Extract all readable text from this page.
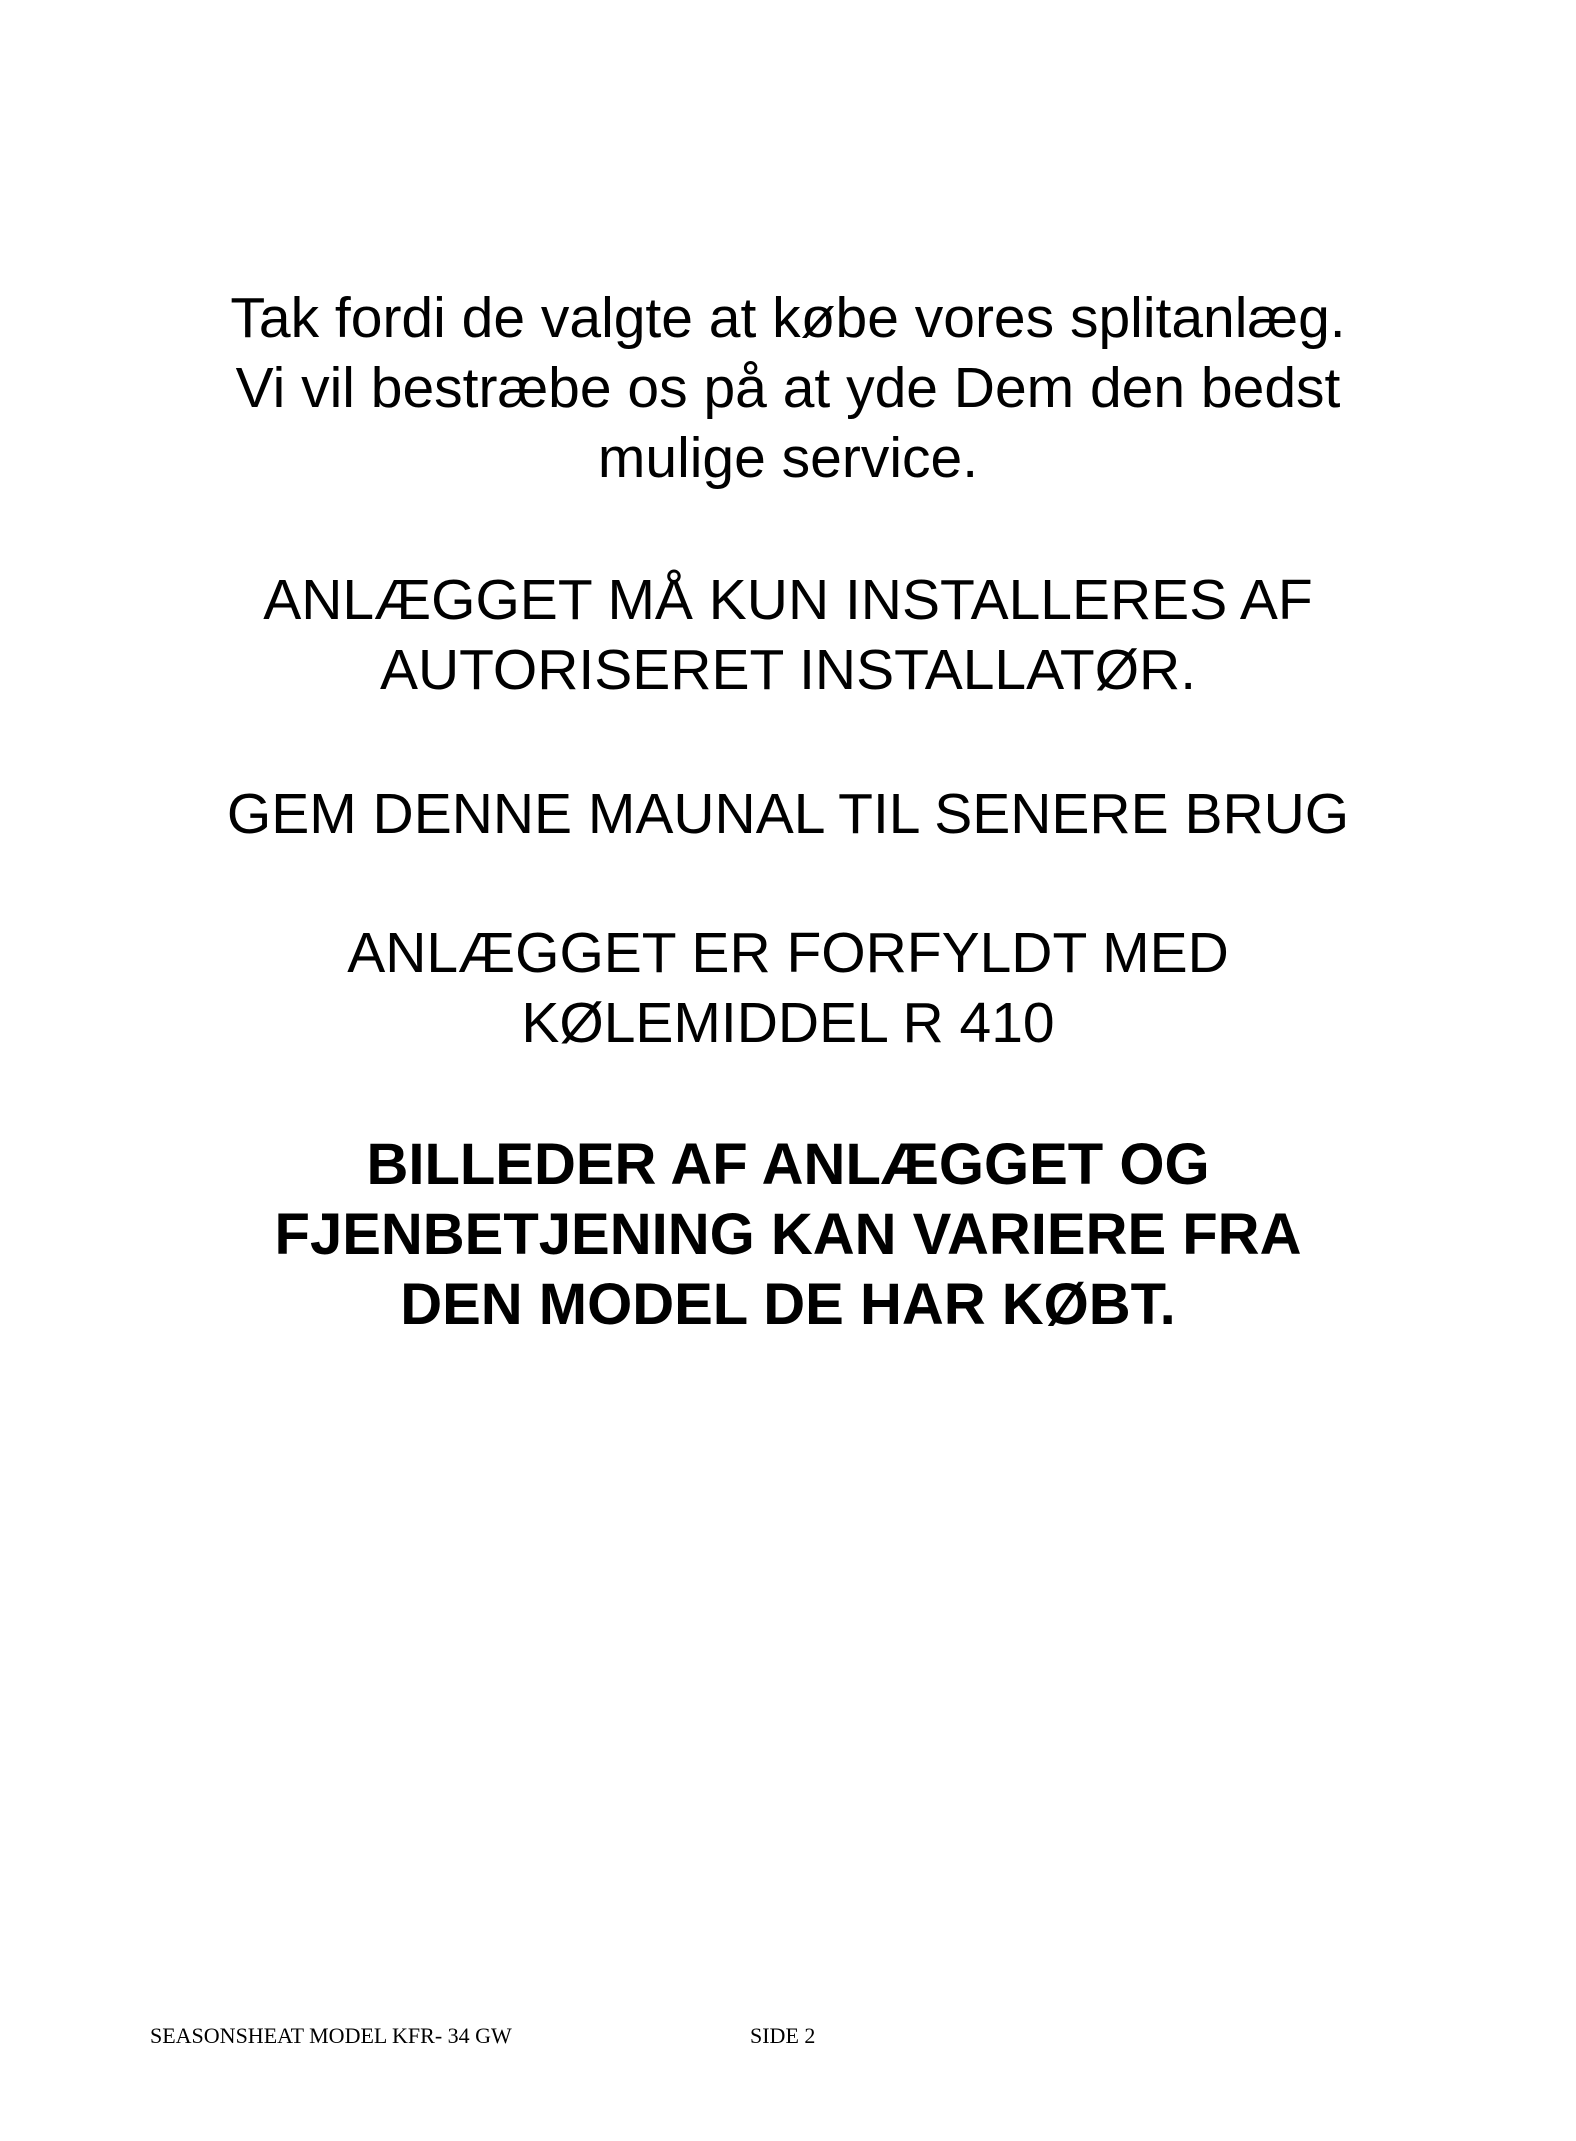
Tak fordi de valgte at købe vores splitanlæg.
Vi vil bestræbe os på at yde Dem den bedst
mulige service.
ANLÆGGET MÅ KUN INSTALLERES AF
AUTORISERET INSTALLATØR.
GEM DENNE MAUNAL TIL SENERE BRUG
ANLÆGGET ER FORFYLDT MED
KØLEMIDDEL R 410
BILLEDER AF ANLÆGGET OG
FJENBETJENING KAN VARIERE FRA
DEN MODEL DE HAR KØBT.
SEASONSHEAT MODEL KFR- 34 GW	SIDE 2
